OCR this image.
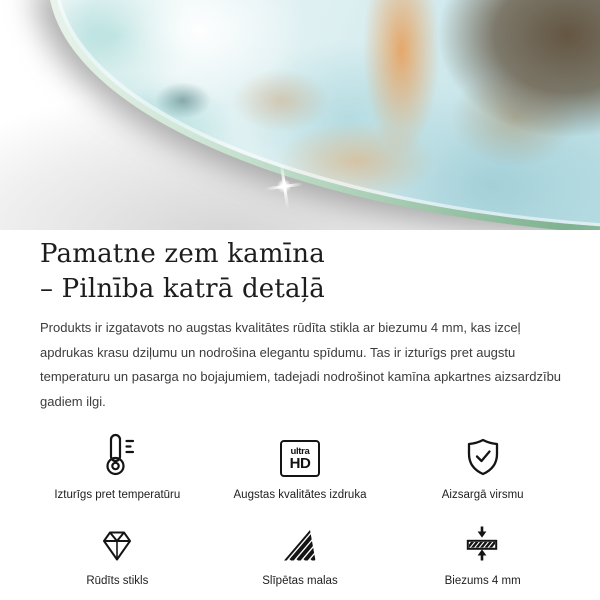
Pamatne zem kamīna
– Pilnība katrā detaļā

Produkts ir izgatavots no augstas kvalitātes rūdīta stikla ar biezumu 4 mm, kas izceļ apdrukas krasu dziļumu un nodrošina elegantu spīdumu. Tas ir izturīgs pret augstu temperaturu un pasarga no bojajumiem, tadejadi nodrošinot kamīna apkartnes aizsardzību gadiem ilgi.

Izturīgs pret temperatūru
ultra
HD
Augstas kvalitātes izdruka	Aizsargā virsmu
Rūdīts stikls	Slīpētas malas	Biezums 4 mm
